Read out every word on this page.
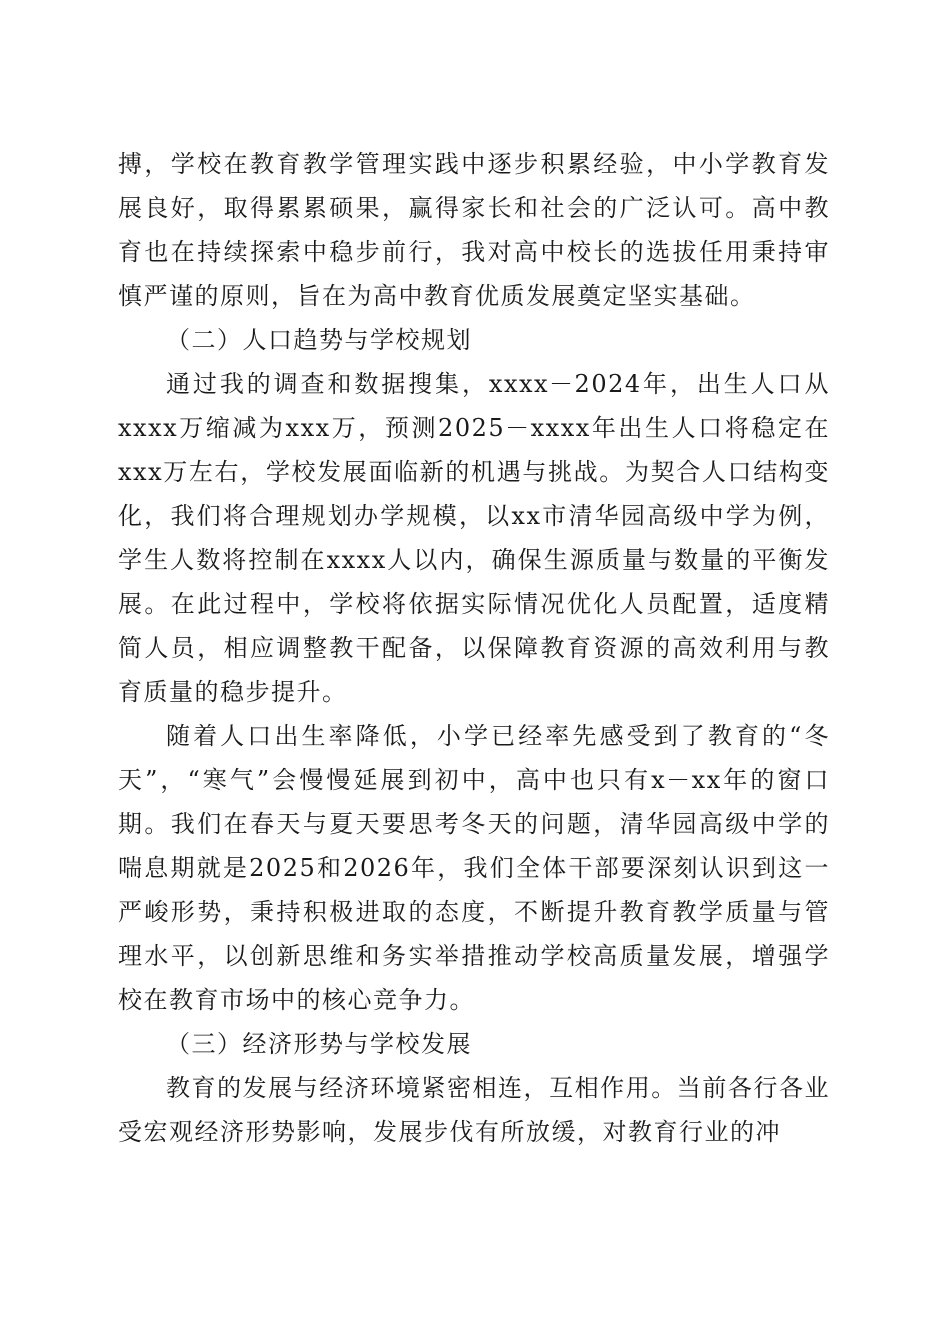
搏，学校在教育教学管理实践中逐步积累经验，中小学教育发展良好，取得累累硕果，赢得家长和社会的广泛认可。高中教育也在持续探索中稳步前行，我对高中校长的选拔任用秉持审慎严谨的原则，旨在为高中教育优质发展奠定坚实基础。

（二）人口趋势与学校规划

通过我的调查和数据搜集，xxxx－2024年，出生人口从xxxx万缩减为xxx万，预测2025－xxxx年出生人口将稳定在xxx万左右，学校发展面临新的机遇与挑战。为契合人口结构变化，我们将合理规划办学规模，以xx市清华园高级中学为例，学生人数将控制在xxxx人以内，确保生源质量与数量的平衡发展。在此过程中，学校将依据实际情况优化人员配置，适度精简人员，相应调整教干配备，以保障教育资源的高效利用与教育质量的稳步提升。

随着人口出生率降低，小学已经率先感受到了教育的“冬天”，“寒气”会慢慢延展到初中，高中也只有x－xx年的窗口期。我们在春天与夏天要思考冬天的问题，清华园高级中学的喘息期就是2025和2026年，我们全体干部要深刻认识到这一严峻形势，秉持积极进取的态度，不断提升教育教学质量与管理水平，以创新思维和务实举措推动学校高质量发展，增强学校在教育市场中的核心竞争力。

（三）经济形势与学校发展

教育的发展与经济环境紧密相连，互相作用。当前各行各业受宏观经济形势影响，发展步伐有所放缓，对教育行业的冲
